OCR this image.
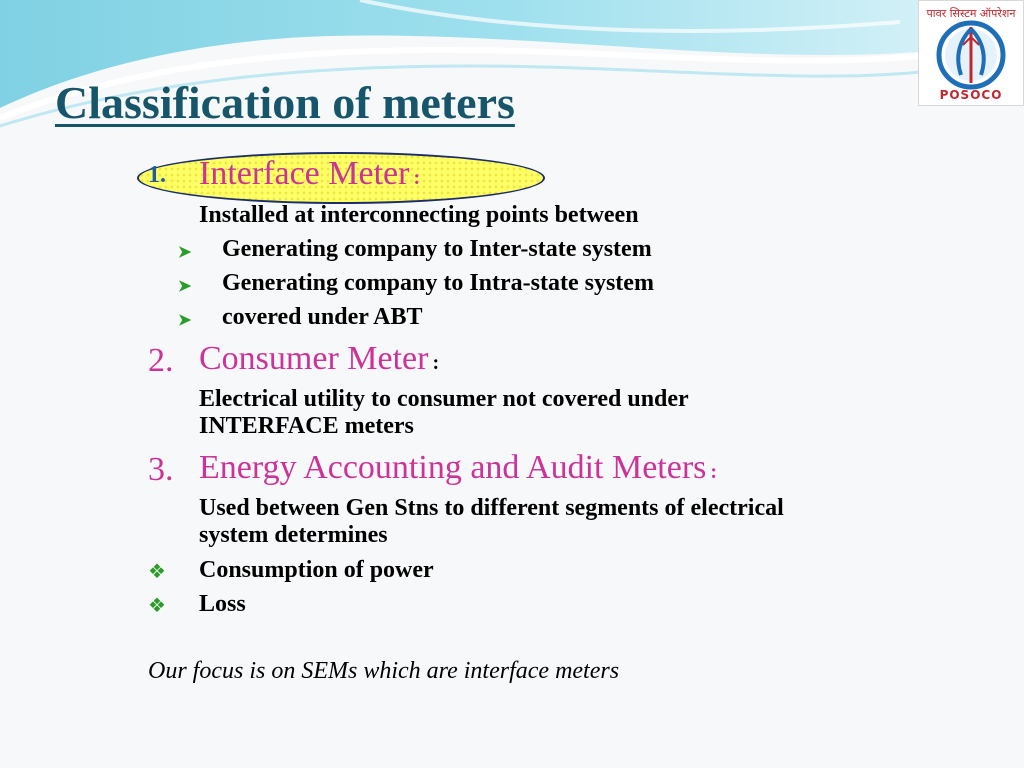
पावर सिस्टम ऑपरेशन
POSOCO
Classification of meters
1. Interface Meter :
Installed at interconnecting points between
➤ Generating company to Inter-state system
➤ Generating company to Intra-state system
➤ covered under ABT
2. Consumer Meter :
Electrical utility to consumer not covered under
INTERFACE meters
3. Energy Accounting and Audit Meters :
Used between Gen Stns to different segments of electrical
system determines
❖ Consumption of power
❖ Loss
Our focus is on SEMs which are interface meters
